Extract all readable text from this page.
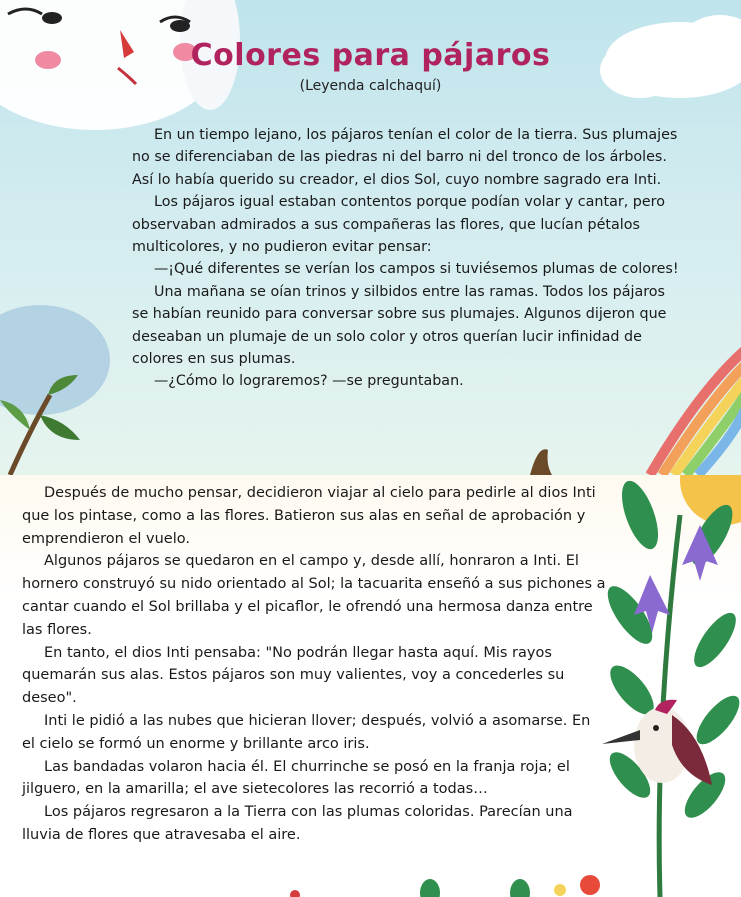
Colores para pájaros
(Leyenda calchaquí)

En un tiempo lejano, los pájaros tenían el color de la tierra. Sus plumajes no se diferenciaban de las piedras ni del barro ni del tronco de los árboles. Así lo había querido su creador, el dios Sol, cuyo nombre sagrado era Inti.

Los pájaros igual estaban contentos porque podían volar y cantar, pero observaban admirados a sus compañeras las flores, que lucían pétalos multicolores, y no pudieron evitar pensar:

—¡Qué diferentes se verían los campos si tuviésemos plumas de colores!

Una mañana se oían trinos y silbidos entre las ramas. Todos los pájaros se habían reunido para conversar sobre sus plumajes. Algunos dijeron que deseaban un plumaje de un solo color y otros querían lucir infinidad de colores en sus plumas.

—¿Cómo lo lograremos? —se preguntaban.

Después de mucho pensar, decidieron viajar al cielo para pedirle al dios Inti que los pintase, como a las flores. Batieron sus alas en señal de aprobación y emprendieron el vuelo.

Algunos pájaros se quedaron en el campo y, desde allí, honraron a Inti. El hornero construyó su nido orientado al Sol; la tacuarita enseñó a sus pichones a cantar cuando el Sol brillaba y el picaflor, le ofrendó una hermosa danza entre las flores.

En tanto, el dios Inti pensaba: "No podrán llegar hasta aquí. Mis rayos quemarán sus alas. Estos pájaros son muy valientes, voy a concederles su deseo".

Inti le pidió a las nubes que hicieran llover; después, volvió a asomarse. En el cielo se formó un enorme y brillante arco iris.

Las bandadas volaron hacia él. El churrinche se posó en la franja roja; el jilguero, en la amarilla; el ave sietecolores las recorrió a todas…

Los pájaros regresaron a la Tierra con las plumas coloridas. Parecían una lluvia de flores que atravesaba el aire.
